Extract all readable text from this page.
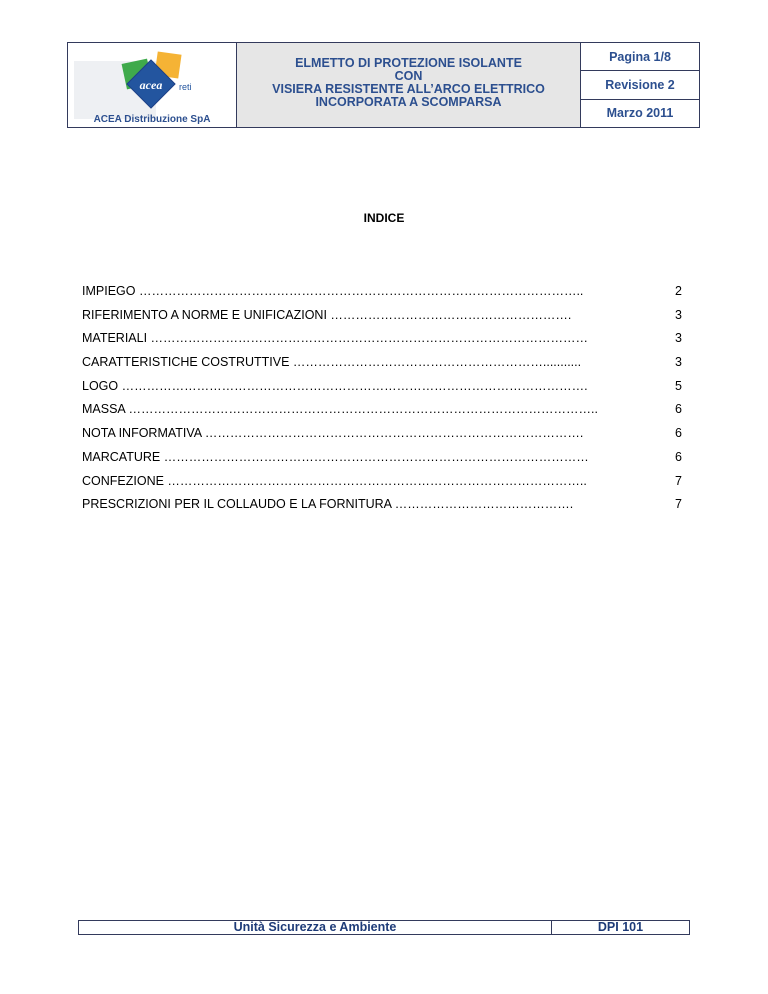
acea reti
ACEA Distribuzione SpA
ELMETTO DI PROTEZIONE ISOLANTE
CON
VISIERA RESISTENTE ALL’ARCO ELETTRICO
INCORPORATA A SCOMPARSA
Pagina 1/8
Revisione 2
Marzo 2011
INDICE
IMPIEGO ……………………………………………………………………………………………..	2
RIFERIMENTO A NORME E UNIFICAZIONI ………………………………………………….	3
MATERIALI ……………………………………………………………………………………………	3
CARATTERISTICHE COSTRUTTIVE ……………………………………………………...........	3
LOGO ………………………………………………………………………………………………….	5
MASSA …………………………………………………………………………………………………..	6
NOTA INFORMATIVA ……………………………………………………………………………….	6
MARCATURE …………………………………………………………………………………………	6
CONFEZIONE ………………………………………………………………………………………..	7
PRESCRIZIONI PER IL COLLAUDO E LA FORNITURA …………………………………….	7
Unità Sicurezza e Ambiente	DPI 101
